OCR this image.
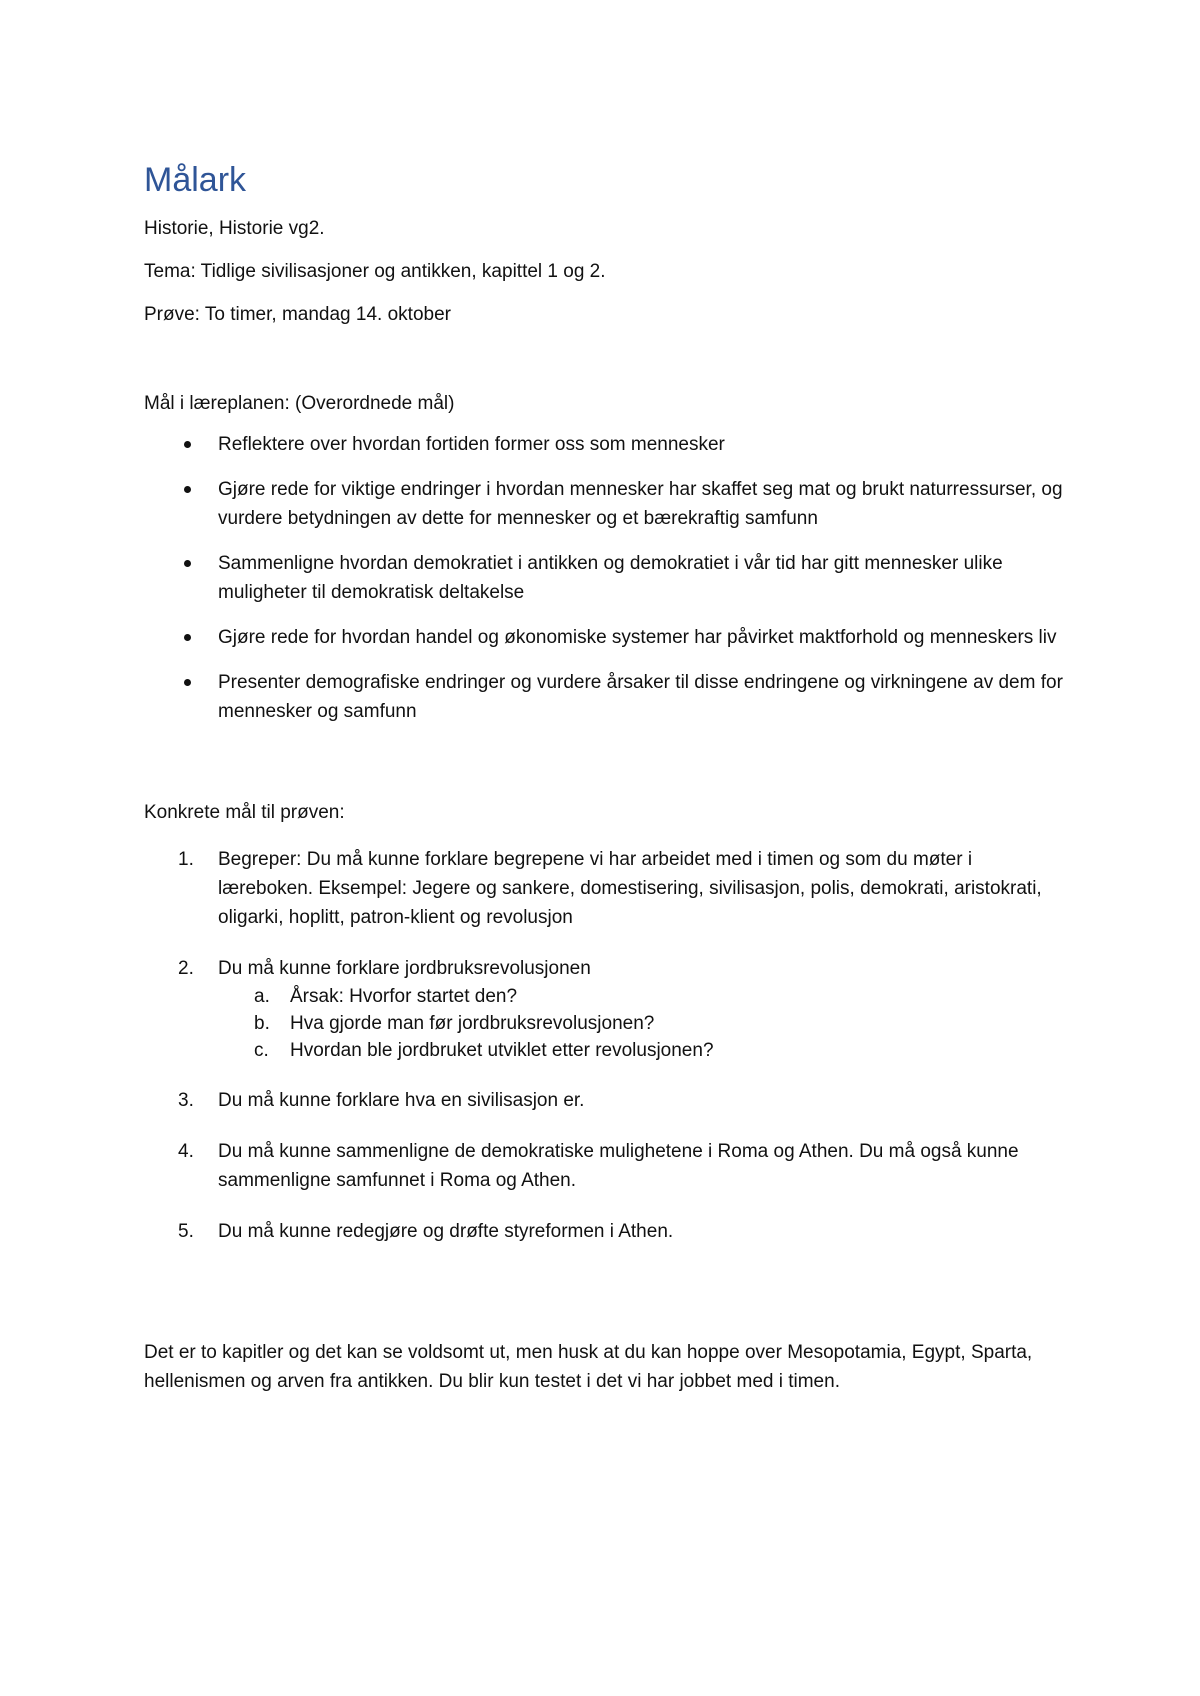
Målark
Historie, Historie vg2.
Tema: Tidlige sivilisasjoner og antikken, kapittel 1 og 2.
Prøve: To timer, mandag 14. oktober
Mål i læreplanen: (Overordnede mål)
Reflektere over hvordan fortiden former oss som mennesker
Gjøre rede for viktige endringer i hvordan mennesker har skaffet seg mat og brukt naturressurser, og vurdere betydningen av dette for mennesker og et bærekraftig samfunn
Sammenligne hvordan demokratiet i antikken og demokratiet i vår tid har gitt mennesker ulike muligheter til demokratisk deltakelse
Gjøre rede for hvordan handel og økonomiske systemer har påvirket maktforhold og menneskers liv
Presenter demografiske endringer og vurdere årsaker til disse endringene og virkningene av dem for mennesker og samfunn
Konkrete mål til prøven:
1. Begreper: Du må kunne forklare begrepene vi har arbeidet med i timen og som du møter i læreboken. Eksempel: Jegere og sankere, domestisering, sivilisasjon, polis, demokrati, aristokrati, oligarki, hoplitt, patron-klient og revolusjon
2. Du må kunne forklare jordbruksrevolusjonen
a. Årsak: Hvorfor startet den?
b. Hva gjorde man før jordbruksrevolusjonen?
c. Hvordan ble jordbruket utviklet etter revolusjonen?
3. Du må kunne forklare hva en sivilisasjon er.
4. Du må kunne sammenligne de demokratiske mulighetene i Roma og Athen. Du må også kunne sammenligne samfunnet i Roma og Athen.
5. Du må kunne redegjøre og drøfte styreformen i Athen.
Det er to kapitler og det kan se voldsomt ut, men husk at du kan hoppe over Mesopotamia, Egypt, Sparta, hellenismen og arven fra antikken. Du blir kun testet i det vi har jobbet med i timen.
